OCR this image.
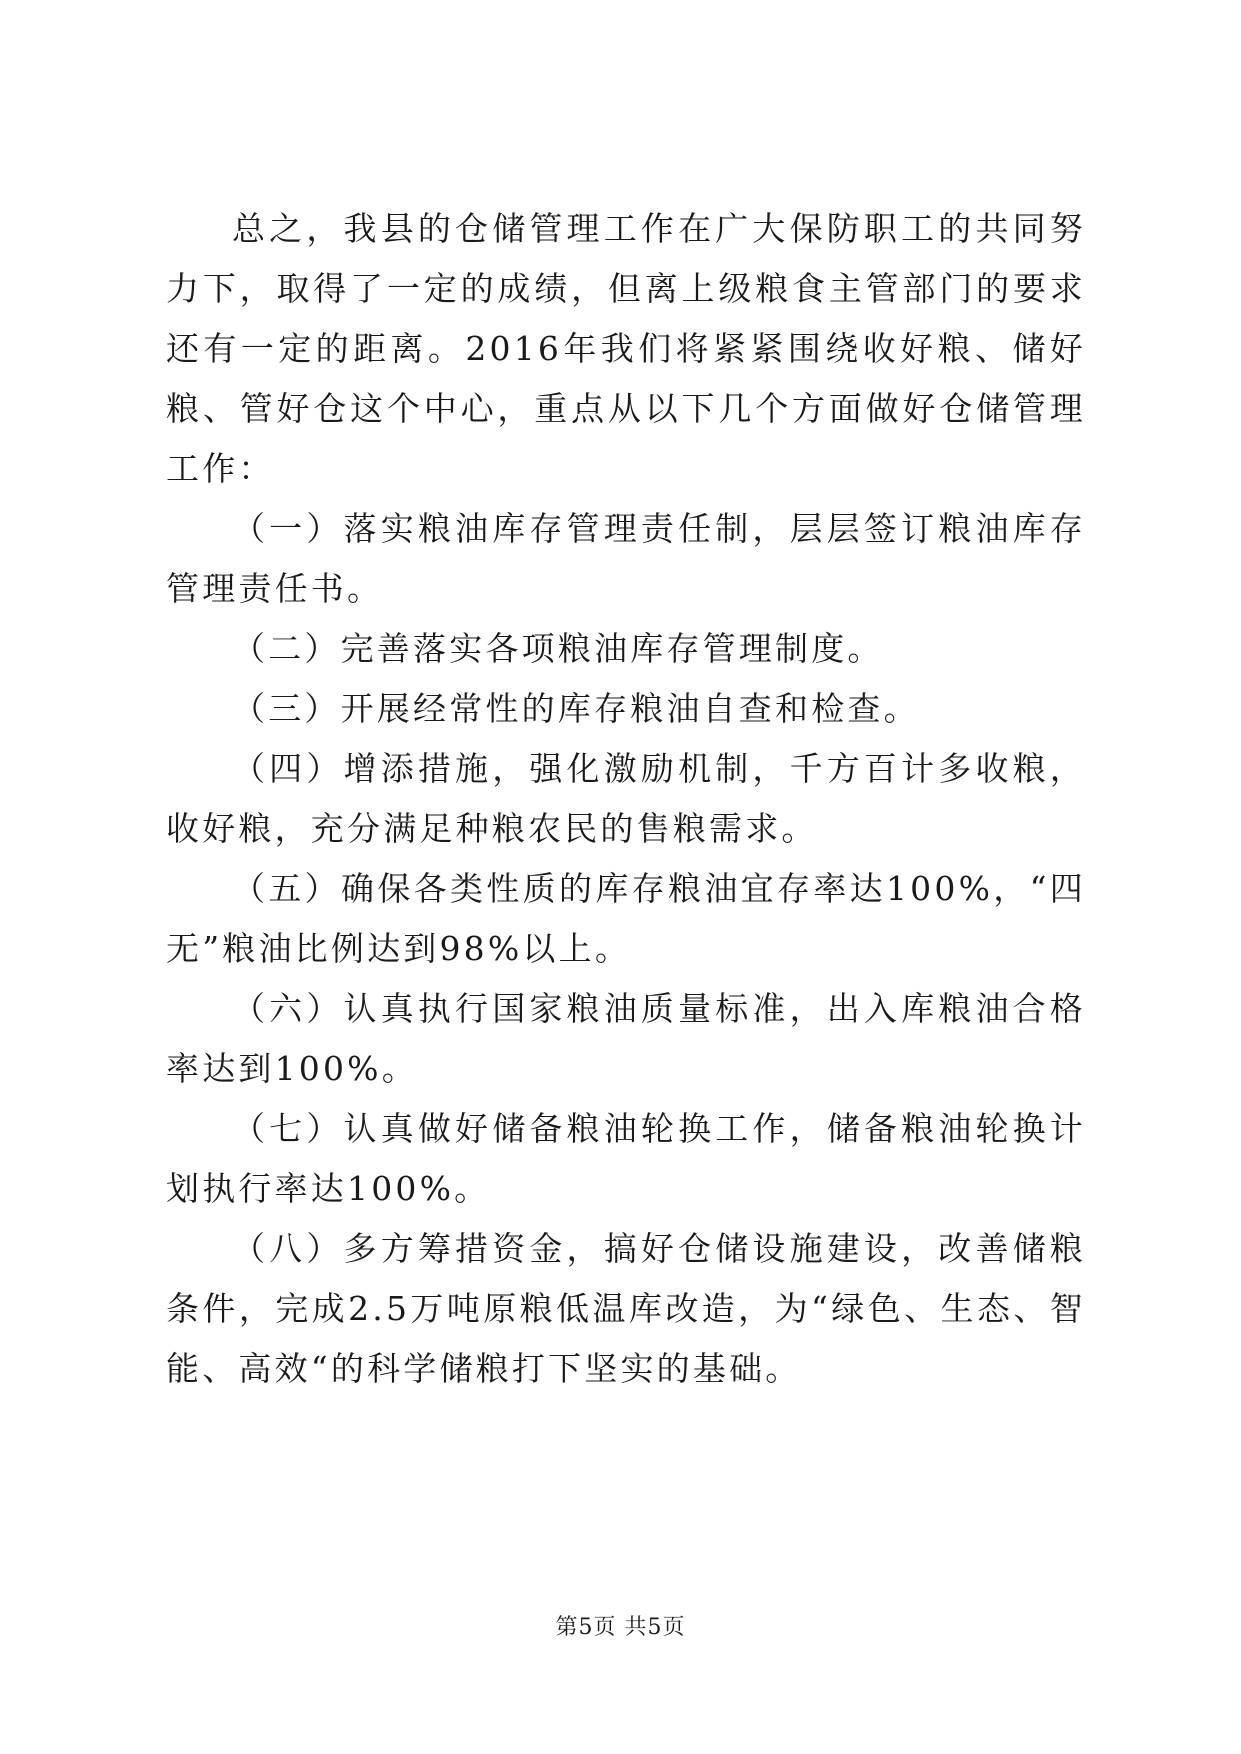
总之，我县的仓储管理工作在广大保防职工的共同努力下，取得了一定的成绩，但离上级粮食主管部门的要求还有一定的距离。2016年我们将紧紧围绕收好粮、储好粮、管好仓这个中心，重点从以下几个方面做好仓储管理工作：

（一）落实粮油库存管理责任制，层层签订粮油库存管理责任书。

（二）完善落实各项粮油库存管理制度。

（三）开展经常性的库存粮油自查和检查。

（四）增添措施，强化激励机制，千方百计多收粮，收好粮，充分满足种粮农民的售粮需求。

（五）确保各类性质的库存粮油宜存率达100%，“四无”粮油比例达到98%以上。

（六）认真执行国家粮油质量标准，出入库粮油合格率达到100%。

（七）认真做好储备粮油轮换工作，储备粮油轮换计划执行率达100%。

（八）多方筹措资金，搞好仓储设施建设，改善储粮条件，完成2.5万吨原粮低温库改造，为“绿色、生态、智能、高效“的科学储粮打下坚实的基础。

第5页 共5页
